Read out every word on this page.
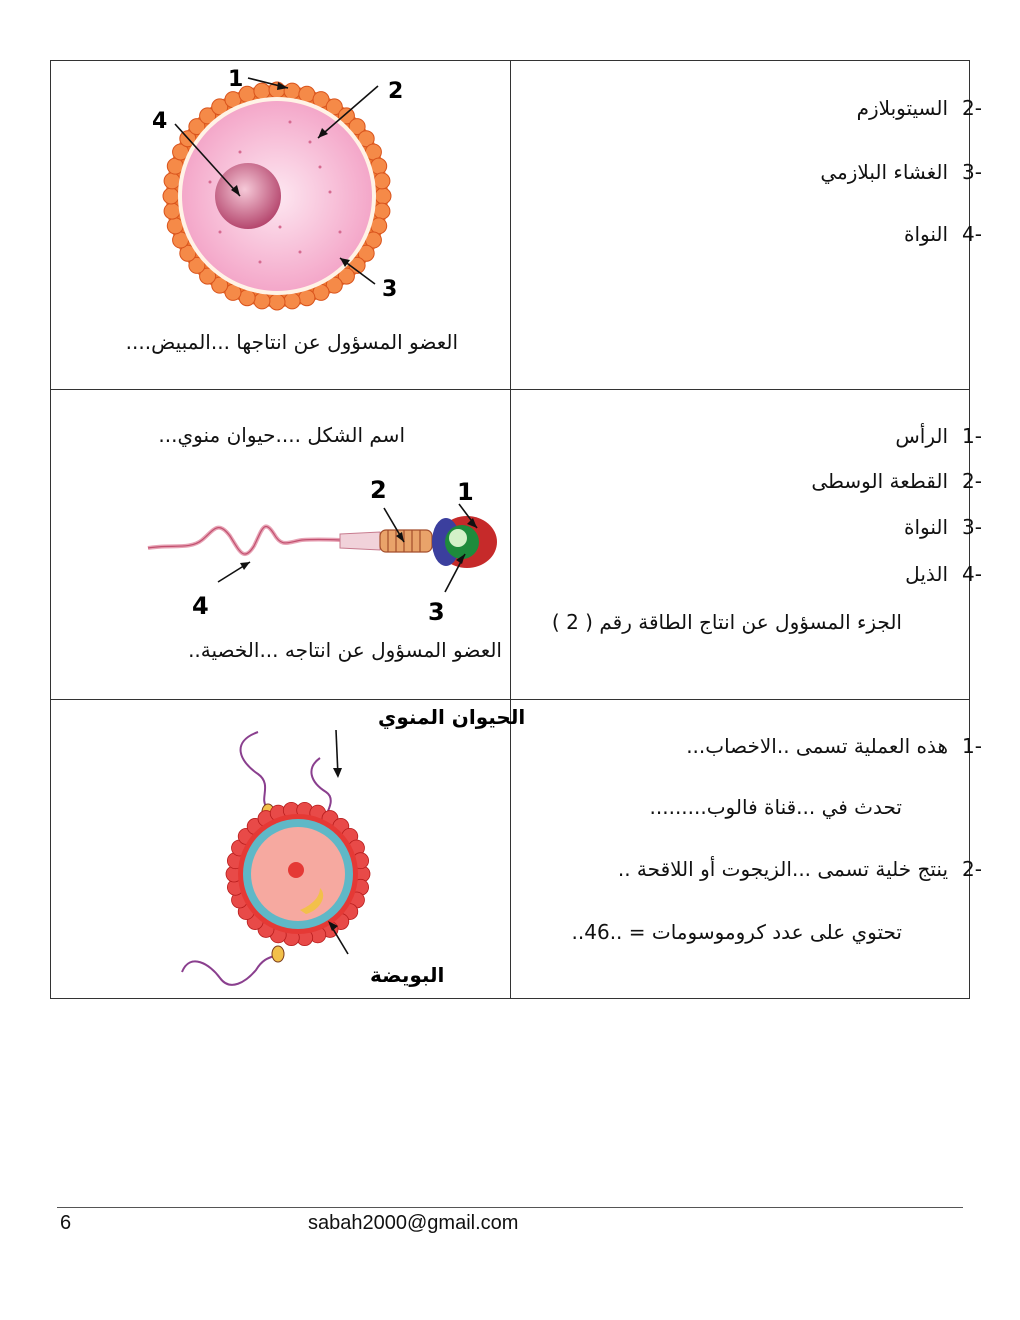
-2السيتوبلازم
-3الغشاء البلازمي
-4النواة
1	2
3
4
العضو المسؤول عن انتاجها ...المبيض....
-1الرأس
-2القطعة الوسطى
-3النواة
-4الذيل
الجزء المسؤول عن انتاج الطاقة رقم ( 2 )
اسم الشكل ....حيوان منوي...
1
2
3
4
العضو المسؤول عن انتاجه ...الخصية..
-1هذه العملية تسمى ..الاخصاب...
تحدث في ...قناة فالوب.........
-2ينتج خلية تسمى ...الزيجوت أو اللاقحة ..
تحتوي على عدد كروموسومات = ..46..
الحيوان المنوي
البويضة
6	sabah2000@gmail.com
